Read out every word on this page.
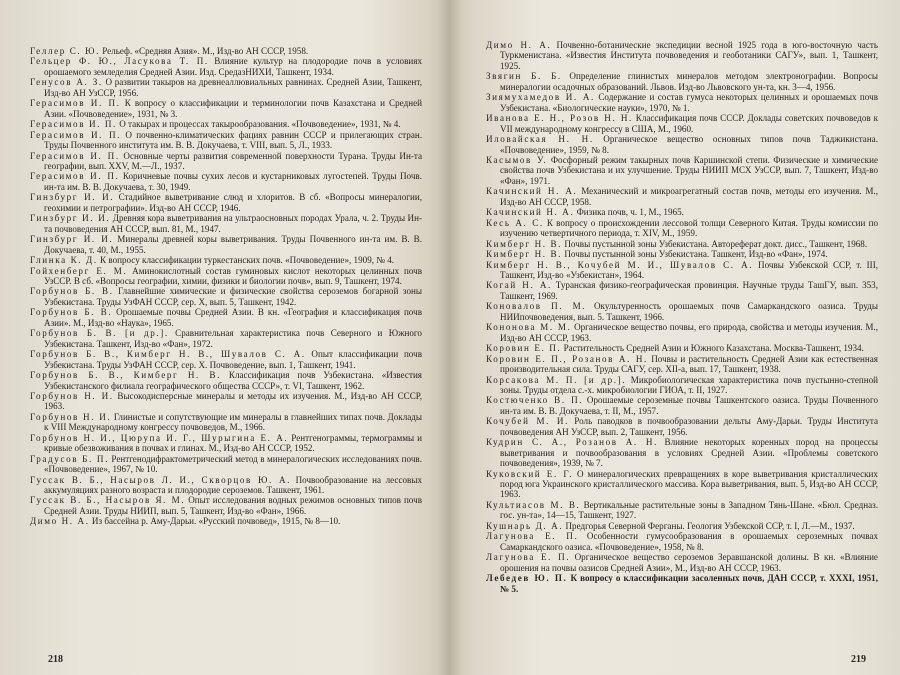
Геллер С. Ю. Рельеф. «Средняя Азия». М., Изд-во АН СССР, 1958.
Гельцер Ф. Ю., Ласукова Т. П. Влияние культур на плодородие почв в условиях орошаемого земледелия Средней Азии. Изд. СредазНИХИ, Ташкент, 1934.
Генусов А. З. О развитии такыров на древнеаллювиальных равнинах. Средней Азии, Ташкент, Изд-во АН УзССР, 1956.
Герасимов И. П. К вопросу о классификации и терминологии почв Казахстана и Средней Азии. «Почвоведение», 1931, № 3.
Герасимов И. П. О такырах и процессах такырообразования. «Почвоведение», 1931, № 4.
Герасимов И. П. О почвенно-климатических фациях равнин СССР и прилегающих стран. Труды Почвенного института им. В. В. Докучаева, т. VIII, вып. 5, Л., 1933.
Герасимов И. П. Основные черты развития современной поверхности Турана. Труды Ин-та географии, вып. XXV, М.—Л., 1937.
Герасимов И. П. Коричневые почвы сухих лесов и кустарниковых лугостепей. Труды Почв. ин-та им. В. В. Докучаева, т. 30, 1949.
Гинзбург И. И. Стадийное выветривание слюд и хлоритов. В сб. «Вопросы минералогии, геохимии и петрографии». Изд-во АН СССР, 1946.
Гинзбург И. И. Древняя кора выветривания на ультраосновных породах Урала, ч. 2. Труды Ин-та почвоведения АН СССР, вып. 81, М., 1947.
Гинзбург И. И. Минералы древней коры выветривания. Труды Почвенного ин-та им. В. В. Докучаева, т. 40, М., 1955.
Глинка К. Д. К вопросу классификации туркестанских почв. «Почвоведение», 1909, № 4.
Гойхенберг Е. М. Аминокислотный состав гуминовых кислот некоторых целинных почв УзССР. В сб. «Вопросы географии, химии, физики и биологии почв», вып. 9, Ташкент, 1974.
Горбунов Б. В. Главнейшие химические и физические свойства сероземов богарной зоны Узбекистана. Труды УзФАН СССР, сер. X, вып. 5, Ташкент, 1942.
Горбунов Б. В. Орошаемые почвы Средней Азии. В кн. «География и классификация почв Азии». М., Изд-во «Наука», 1965.
Горбунов Б. В. [и др.]. Сравнительная характеристика почв Северного и Южного Узбекистана. Ташкент, Изд-во «Фан», 1972.
Горбунов Б. В., Кимберг Н. В., Шувалов С. А. Опыт классификации почв Узбекистана. Труды УзФАН СССР, сер. X. Почвоведение, вып. 1, Ташкент, 1941.
Горбунов Б. В., Кимберг Н. В. Классификация почв Узбекистана. «Известия Узбекистанского филиала географического общества СССР», т. VI, Ташкент, 1962.
Горбунов Н. И. Высокодисперсные минералы и методы их изучения. М., Изд-во АН СССР, 1963.
Горбунов Н. И. Глинистые и сопутствующие им минералы в главнейших типах почв. Доклады к VIII Международному конгрессу почвоведов, М., 1966.
Горбунов Н. И., Цюрупа И. Г., Шурыгина Е. А. Рентгенограммы, термограммы и кривые обезвоживания в почвах и глинах. М., Изд-во АН СССР, 1952.
Градусов Б. П. Рентгенодифрактометрический метод в минералогических исследованиях почв. «Почвоведение», 1967, № 10.
Гуссак В. Б., Насыров Л. И., Скворцов Ю. А. Почвообразование на лессовых аккумуляциях разного возраста и плодородие сероземов. Ташкент, 1961.
Гуссак В. Б., Насыров Я. М. Опыт исследования водных режимов основных типов почв Средней Азии. Труды НИИП, вып. 5, Ташкент, Изд-во «Фан», 1966.
Димо Н. А. Из бассейна р. Аму-Дарьи. «Русский почвовед», 1915, № 8—10.
218
Димо Н. А. Почвенно-ботанические экспедиции весной 1925 года в юго-восточную часть Туркменистана. «Известия Института почвоведения и геоботаники САГУ», вып. 1, Ташкент, 1925.
Звягин Б. Б. Определение глинистых минералов методом электронографии. Вопросы минералогии осадочных образований. Львов. Изд-во Львовского ун-та, кн. 3—4, 1956.
Зиямухамедов И. А. Содержание и состав гумуса некоторых целинных и орошаемых почв Узбекистана. «Биологические науки», 1970, № 1.
Иванова Е. Н., Розов Н. Н. Классификация почв СССР. Доклады советских почвоведов к VII международному конгрессу в США, М., 1960.
Иловайская Н. Н. Органическое вещество основных типов почв Таджикистана. «Почвоведение», 1959, № 8.
Касымов У. Фосфорный режим такырных почв Каршинской степи. Физические и химические свойства почв Узбекистана и их улучшение. Труды НИИП МСХ УзССР, вып. 7, Ташкент, Изд-во «Фан», 1971.
Качинский Н. А. Механический и микроагрегатный состав почв, методы его изучения. М., Изд-во АН СССР, 1958.
Качинский Н. А. Физика почв, ч. 1, М., 1965.
Кесь А. С. К вопросу о происхождении лессовой толщи Северного Китая. Труды комиссии по изучению четвертичного периода, т. XIV, М., 1959.
Кимберг Н. В. Почвы пустынной зоны Узбекистана. Автореферат докт. дисс., Ташкент, 1968.
Кимберг Н. В. Почвы пустынной зоны Узбекистана. Ташкент, Изд-во «Фан», 1974.
Кимберг Н. В., Кочубей М. И., Шувалов С. А. Почвы Узбекской ССР, т. III, Ташкент, Изд-во «Узбекистан», 1964.
Когай Н. А. Туранская физико-географическая провинция. Научные труды ТашГУ, вып. 353, Ташкент, 1969.
Коновалов П. М. Окультуренность орошаемых почв Самаркандского оазиса. Труды НИИпочвоведения, вып. 5. Ташкент, 1966.
Кононова М. М. Органическое вещество почвы, его природа, свойства и методы изучения. М., Изд-во АН СССР, 1963.
Коровин Е. П. Растительность Средней Азии и Южного Казахстана. Москва-Ташкент, 1934.
Коровин Е. П., Розанов А. Н. Почвы и растительность Средней Азии как естественная производительная сила. Труды САГУ, сер. XII-а, вып. 17, Ташкент, 1938.
Корсакова М. П. [и др.]. Микробиологическая характеристика почв пустынно-степной зоны. Труды отдела с.-х. микробиологии ГИОА, т. II, 1927.
Костюченко В. П. Орошаемые сероземные почвы Ташкентского оазиса. Труды Почвенного ин-та им. В. В. Докучаева, т. II, М., 1957.
Кочубей М. И. Роль паводков в почвообразовании дельты Аму-Дарьи. Труды Института почвоведения АН УзССР, вып. 2, Ташкент, 1956.
Кудрин С. А., Розанов А. Н. Влияние некоторых коренных пород на процессы выветривания и почвообразования в условиях Средней Азии. «Проблемы советского почвоведения», 1939, № 7.
Куковский Е. Г. О минералогических превращениях в коре выветривания кристаллических пород юга Украинского кристаллического массива. Кора выветривания, вып. 5, Изд-во АН СССР, 1963.
Культиасов М. В. Вертикальные растительные зоны в Западном Тянь-Шане. «Бюл. Средназ. гос. ун-та», 14—15, Ташкент, 1927.
Кушнарь Д. А. Предгорья Северной Ферганы. Геология Узбекской ССР, т. I, Л.—М., 1937.
Лагунова Е. П. Особенности гумусообразования в орошаемых сероземных почвах Самаркандского оазиса. «Почвоведение», 1958, № 8.
Лагунова Е. П. Органическое вещество сероземов Зеравшанской долины. В кн. «Влияние орошения на почвы оазисов Средней Азии», М., Изд-во АН СССР, 1963.
Лебедев Ю. П. К вопросу о классификации засоленных почв, ДАН СССР, т. XXXI, 1951, № 5.
219
